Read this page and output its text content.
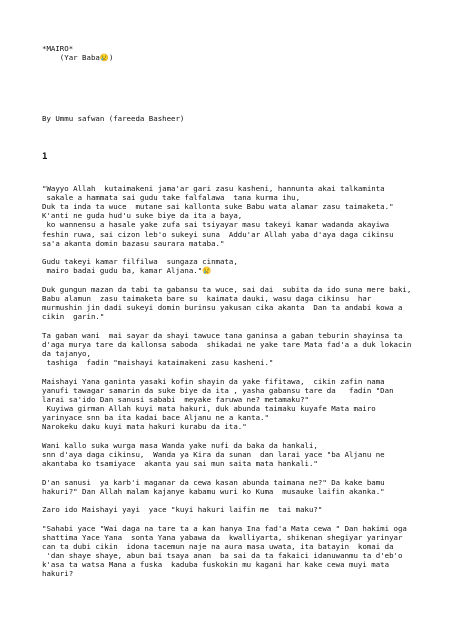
*MAIRO*
(Yar Baba😢)
By Ummu safwan (fareeda Basheer)
1
"Wayyo Allah  kutaimakeni jama'ar gari zasu kasheni, hannunta akai talkaminta
sakale a hammata sai gudu take falfalawa  tana kurma ihu,
Duk ta inda ta wuce  mutane sai kallonta suke Babu wata alamar zasu taimaketa."
K'anti ne guda hud'u suke biye da ita a baya,
ko wannensu a hasale yake zufa sai tsiyayar masu takeyi kamar wadanda akayiwa
feshin ruwa, sai cizon leb'o sukeyi suna  Addu'ar Allah yaba d'aya daga cikinsu
sa'a akanta domin bazasu saurara mataba."
Gudu takeyi kamar filfilwa  sungaza cinmata,
mairo badai gudu ba, kamar Aljana."😢
Duk gungun mazan da tabi ta gabansu ta wuce, sai dai  subita da ido suna mere baki,
Babu alamun  zasu taimaketa bare su  kaimata dauki, wasu daga cikinsu  har
murmushin jin dadi sukeyi domin burinsu yakusan cika akanta  Dan ta andabi kowa a
cikin  garin."
Ta gaban wani  mai sayar da shayi tawuce tana ganinsa a gaban teburin shayinsa ta
d'aga murya tare da kallonsa saboda  shikadai ne yake tare Mata fad'a a duk lokacin
da tajanyo,
tashiga  fadin "maishayi kataimakeni zasu kasheni."
Maishayi Yana ganinta yasaki kofin shayin da yake fifitawa,  cikin zafin nama
yanufi tawagar samarin da suke biye da ita , yasha gabansu tare da   fadin "Dan
larai sa'ido Dan sanusi sababi  meyake faruwa ne? metamaku?"
Kuyiwa girman Allah kuyi mata hakuri, duk abunda taimaku kuyafe Mata mairo
yarinyace snn ba ita kadai bace Aljanu ne a kanta."
Narokeku daku kuyi mata hakuri kurabu da ita."
Wani kallo suka wurga masa Wanda yake nufi da baka da hankali,
snn d'aya daga cikinsu,  Wanda ya Kira da sunan  dan larai yace "ba Aljanu ne
akantaba ko tsamiyace  akanta yau sai mun saita mata hankali."
D'an sanusi  ya karb'i maganar da cewa kasan abunda taimana ne?" Da kake bamu
hakuri?" Dan Allah malam kajanye kabamu wuri ko Kuma  musauke laifin akanka."
Zaro ido Maishayi yayi  yace "kuyi hakuri laifin me  tai maku?"
"Sahabi yace "Wai daga na tare ta a kan hanya Ina fad'a Mata cewa " Dan hakimi oga
shattima Yace Yana  sonta Yana yabawa da  kwalliyarta, shikenan shegiyar yarinyar
can ta dubi cikin  idona tacemun naje na aura masa uwata, ita batayin  komai da
'dan shaye shaye, abun bai tsaya anan  ba sai da ta fakaici idanuwanmu ta d'eb'o
k'asa ta watsa Mana a fuska  kaduba fuskokin mu kagani har kake cewa muyi mata
hakuri?
